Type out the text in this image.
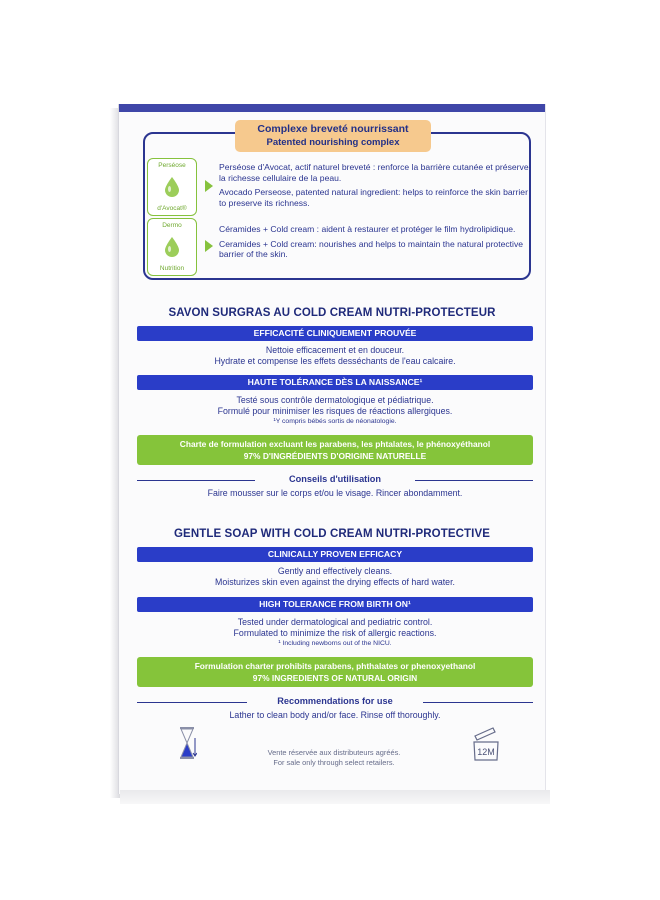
Complexe breveté nourrissant
Patented nourishing complex
Perséose
d'Avocat®

Perséose d'Avocat, actif naturel breveté : renforce la barrière cutanée et préserve la richesse cellulaire de la peau.

Avocado Perseose, patented natural ingredient: helps to reinforce the skin barrier to preserve its richness.

Dermo
Nutrition

Céramides + Cold cream : aident à restaurer et protéger le film hydrolipidique.

Ceramides + Cold cream: nourishes and helps to maintain the natural protective barrier of the skin.

SAVON SURGRAS AU COLD CREAM NUTRI-PROTECTEUR
EFFICACITÉ CLINIQUEMENT PROUVÉE
Nettoie efficacement et en douceur.
Hydrate et compense les effets desséchants de l'eau calcaire.
HAUTE TOLÉRANCE DÈS LA NAISSANCE¹
Testé sous contrôle dermatologique et pédiatrique.
Formulé pour minimiser les risques de réactions allergiques.
¹Y compris bébés sortis de néonatologie.
Charte de formulation excluant les parabens, les phtalates, le phénoxyéthanol
97% D'INGRÉDIENTS D'ORIGINE NATURELLE
Conseils d'utilisation
Faire mousser sur le corps et/ou le visage. Rincer abondamment.
GENTLE SOAP WITH COLD CREAM NUTRI-PROTECTIVE
CLINICALLY PROVEN EFFICACY
Gently and effectively cleans.
Moisturizes skin even against the drying effects of hard water.
HIGH TOLERANCE FROM BIRTH ON¹
Tested under dermatological and pediatric control.
Formulated to minimize the risk of allergic reactions.
¹ Including newborns out of the NICU.
Formulation charter prohibits parabens, phthalates or phenoxyethanol
97% INGREDIENTS OF NATURAL ORIGIN
Recommendations for use
Lather to clean body and/or face. Rinse off thoroughly.
Vente réservée aux distributeurs agréés.
For sale only through select retailers.
12M
